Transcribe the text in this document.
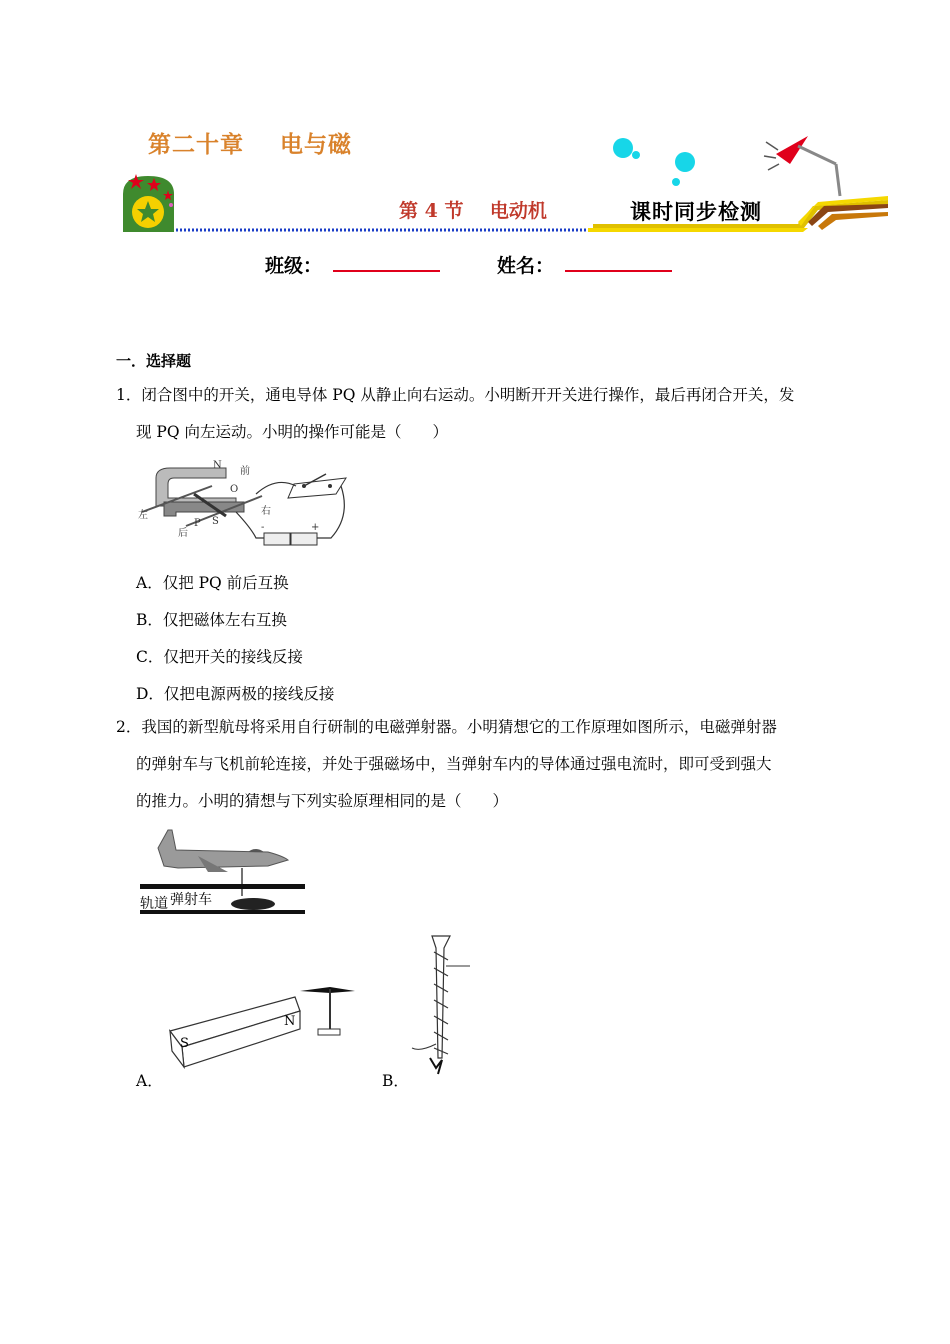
第二十章    电与磁
第 4 节    电动机	课时同步检测
班级：	姓名：
一．选择题
1．闭合图中的开关，通电导体 PQ 从静止向右运动。小明断开开关进行操作，最后再闭合开关，发
现 PQ 向左运动。小明的操作可能是（　　）
N
前
O
左
后
P S
右
+
-
A．仅把 PQ 前后互换
B．仅把磁体左右互换
C．仅把开关的接线反接
D．仅把电源两极的接线反接
2．我国的新型航母将采用自行研制的电磁弹射器。小明猜想它的工作原理如图所示，电磁弹射器
的弹射车与飞机前轮连接，并处于强磁场中，当弹射车内的导体通过强电流时，即可受到强大
的推力。小明的猜想与下列实验原理相同的是（　　）
轨道 弹射车
S
N
A．	B．
